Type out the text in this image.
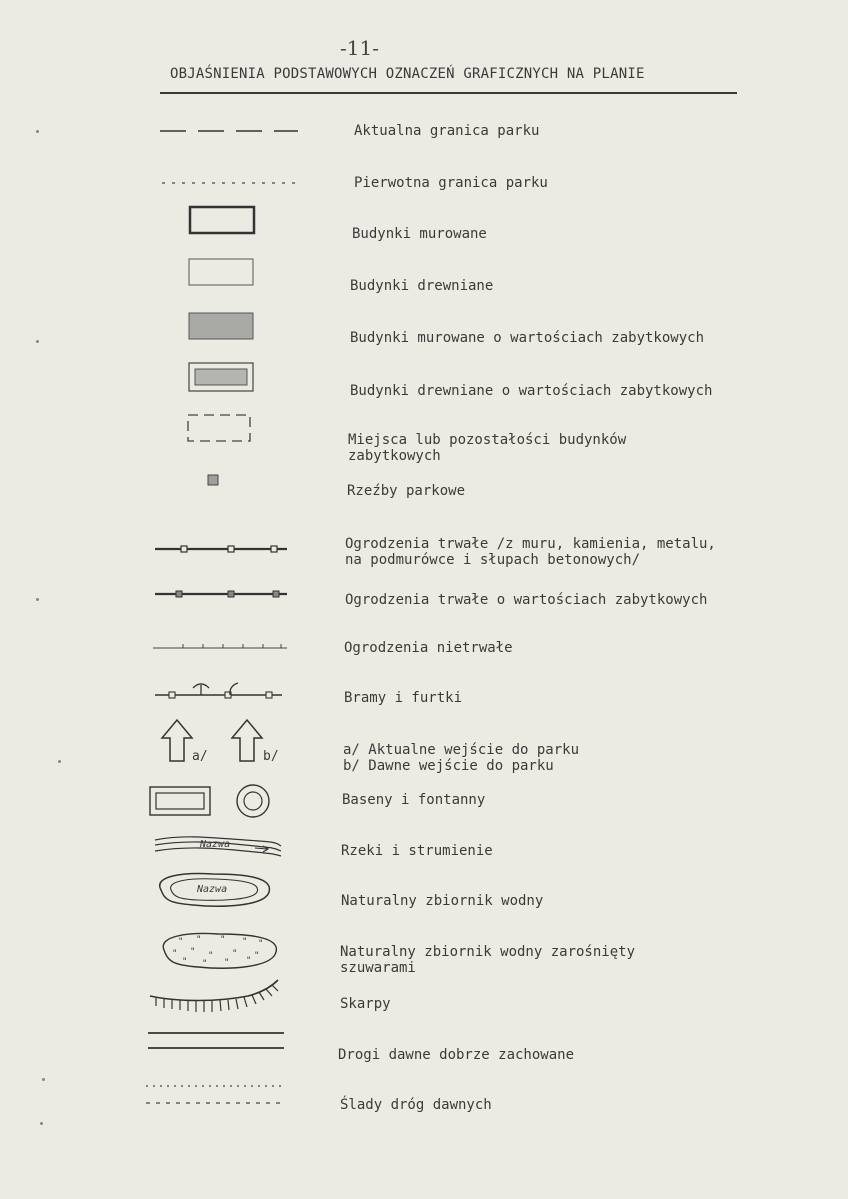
-11-
OBJAŚNIENIA PODSTAWOWYCH OZNACZEŃ GRAFICZNYCH NA PLANIE
Aktualna granica parku
Pierwotna granica parku
Budynki murowane
Budynki drewniane
Budynki murowane o wartościach zabytkowych
Budynki drewniane o wartościach zabytkowych
Miejsca lub pozostałości budynków
zabytkowych
Rzeźby parkowe
Ogrodzenia trwałe /z muru, kamienia, metalu,
na podmurówce i słupach betonowych/
Ogrodzenia trwałe o wartościach zabytkowych
Ogrodzenia nietrwałe
Bramy i furtki
a/	b/	a/ Aktualne wejście do parku
b/ Dawne wejście do parku
Baseny i fontanny
Nazwa	Rzeki i strumienie
Nazwa
Naturalny zbiornik wodny
" " " " "
" " " " "
" " " "
Naturalny zbiornik wodny zarośnięty
szuwarami
Skarpy
Drogi dawne dobrze zachowane
Ślady dróg dawnych
